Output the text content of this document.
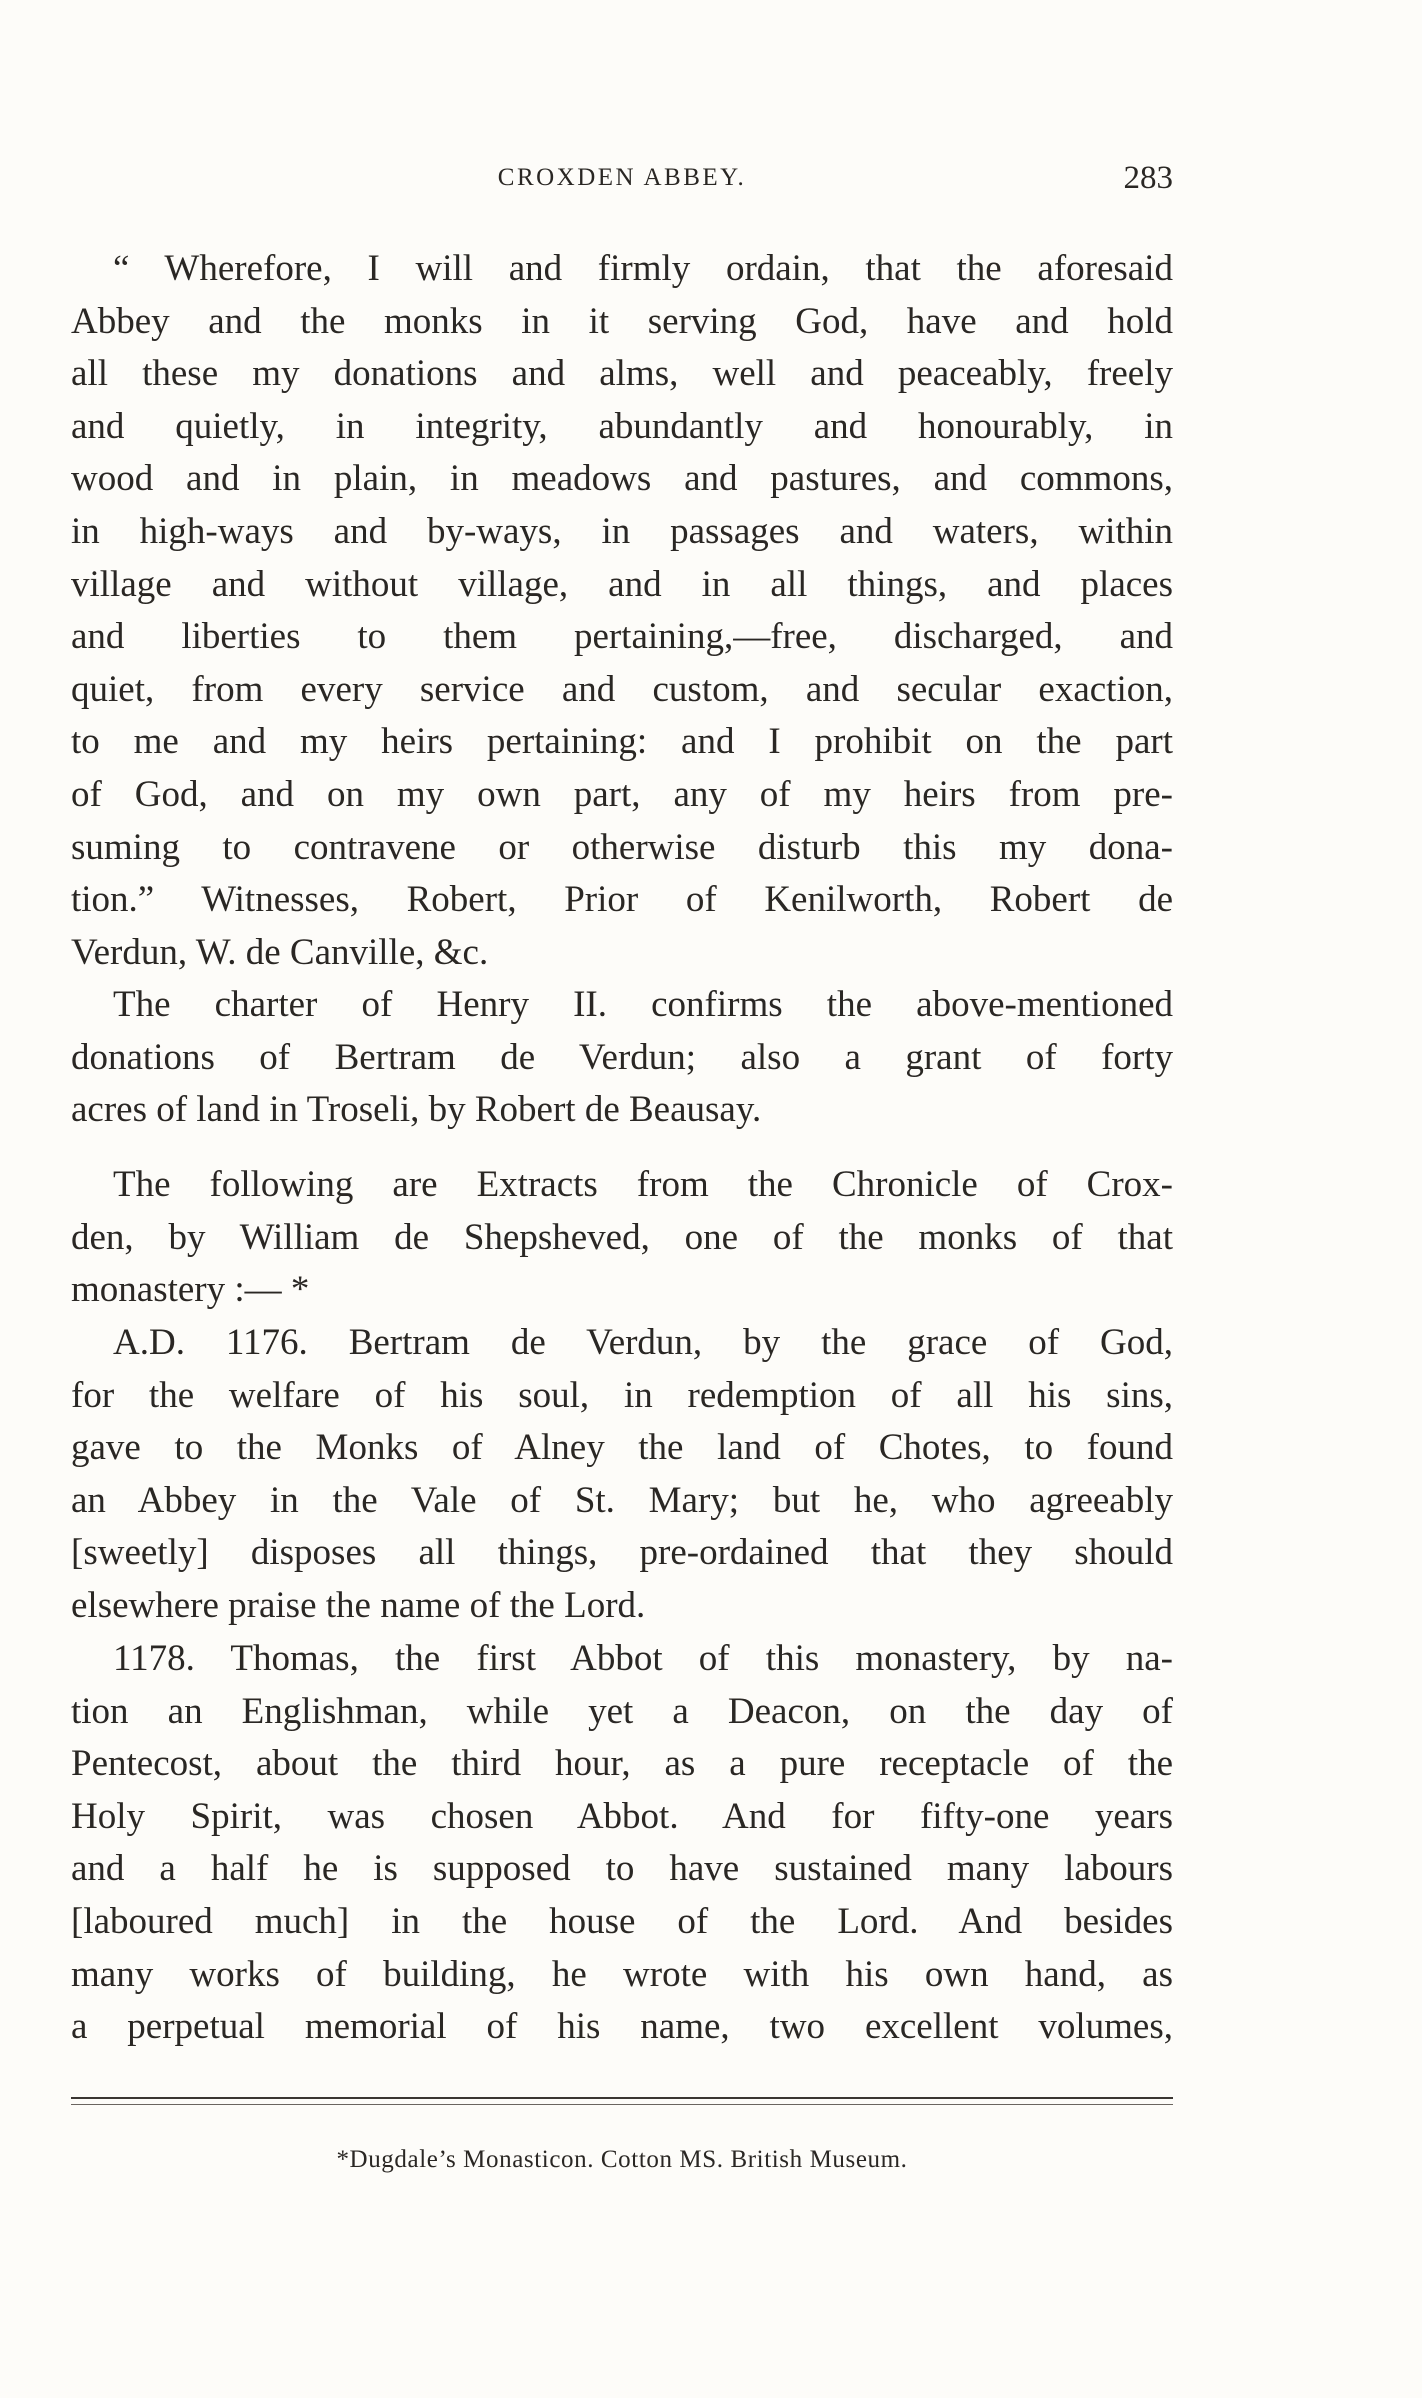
CROXDEN ABBEY.	283
“ Wherefore, I will and firmly ordain, that the aforesaid
Abbey and the monks in it serving God, have and hold
all these my donations and alms, well and peaceably, freely
and quietly, in integrity, abundantly and honourably, in
wood and in plain, in meadows and pastures, and commons,
in high-ways and by-ways, in passages and waters, within
village and without village, and in all things, and places
and liberties to them pertaining,—free, discharged, and
quiet, from every service and custom, and secular exaction,
to me and my heirs pertaining: and I prohibit on the part
of God, and on my own part, any of my heirs from pre-
suming to contravene or otherwise disturb this my dona-
tion.” Witnesses, Robert, Prior of Kenilworth, Robert de
Verdun, W. de Canville, &c.
The charter of Henry II. confirms the above-mentioned
donations of Bertram de Verdun; also a grant of forty
acres of land in Troseli, by Robert de Beausay.
The following are Extracts from the Chronicle of Crox-
den, by William de Shepsheved, one of the monks of that
monastery :— *
A.D. 1176. Bertram de Verdun, by the grace of God,
for the welfare of his soul, in redemption of all his sins,
gave to the Monks of Alney the land of Chotes, to found
an Abbey in the Vale of St. Mary; but he, who agreeably
[sweetly] disposes all things, pre-ordained that they should
elsewhere praise the name of the Lord.
1178. Thomas, the first Abbot of this monastery, by na-
tion an Englishman, while yet a Deacon, on the day of
Pentecost, about the third hour, as a pure receptacle of the
Holy Spirit, was chosen Abbot. And for fifty-one years
and a half he is supposed to have sustained many labours
[laboured much] in the house of the Lord. And besides
many works of building, he wrote with his own hand, as
a perpetual memorial of his name, two excellent volumes,
*Dugdale’s Monasticon. Cotton MS. British Museum.
